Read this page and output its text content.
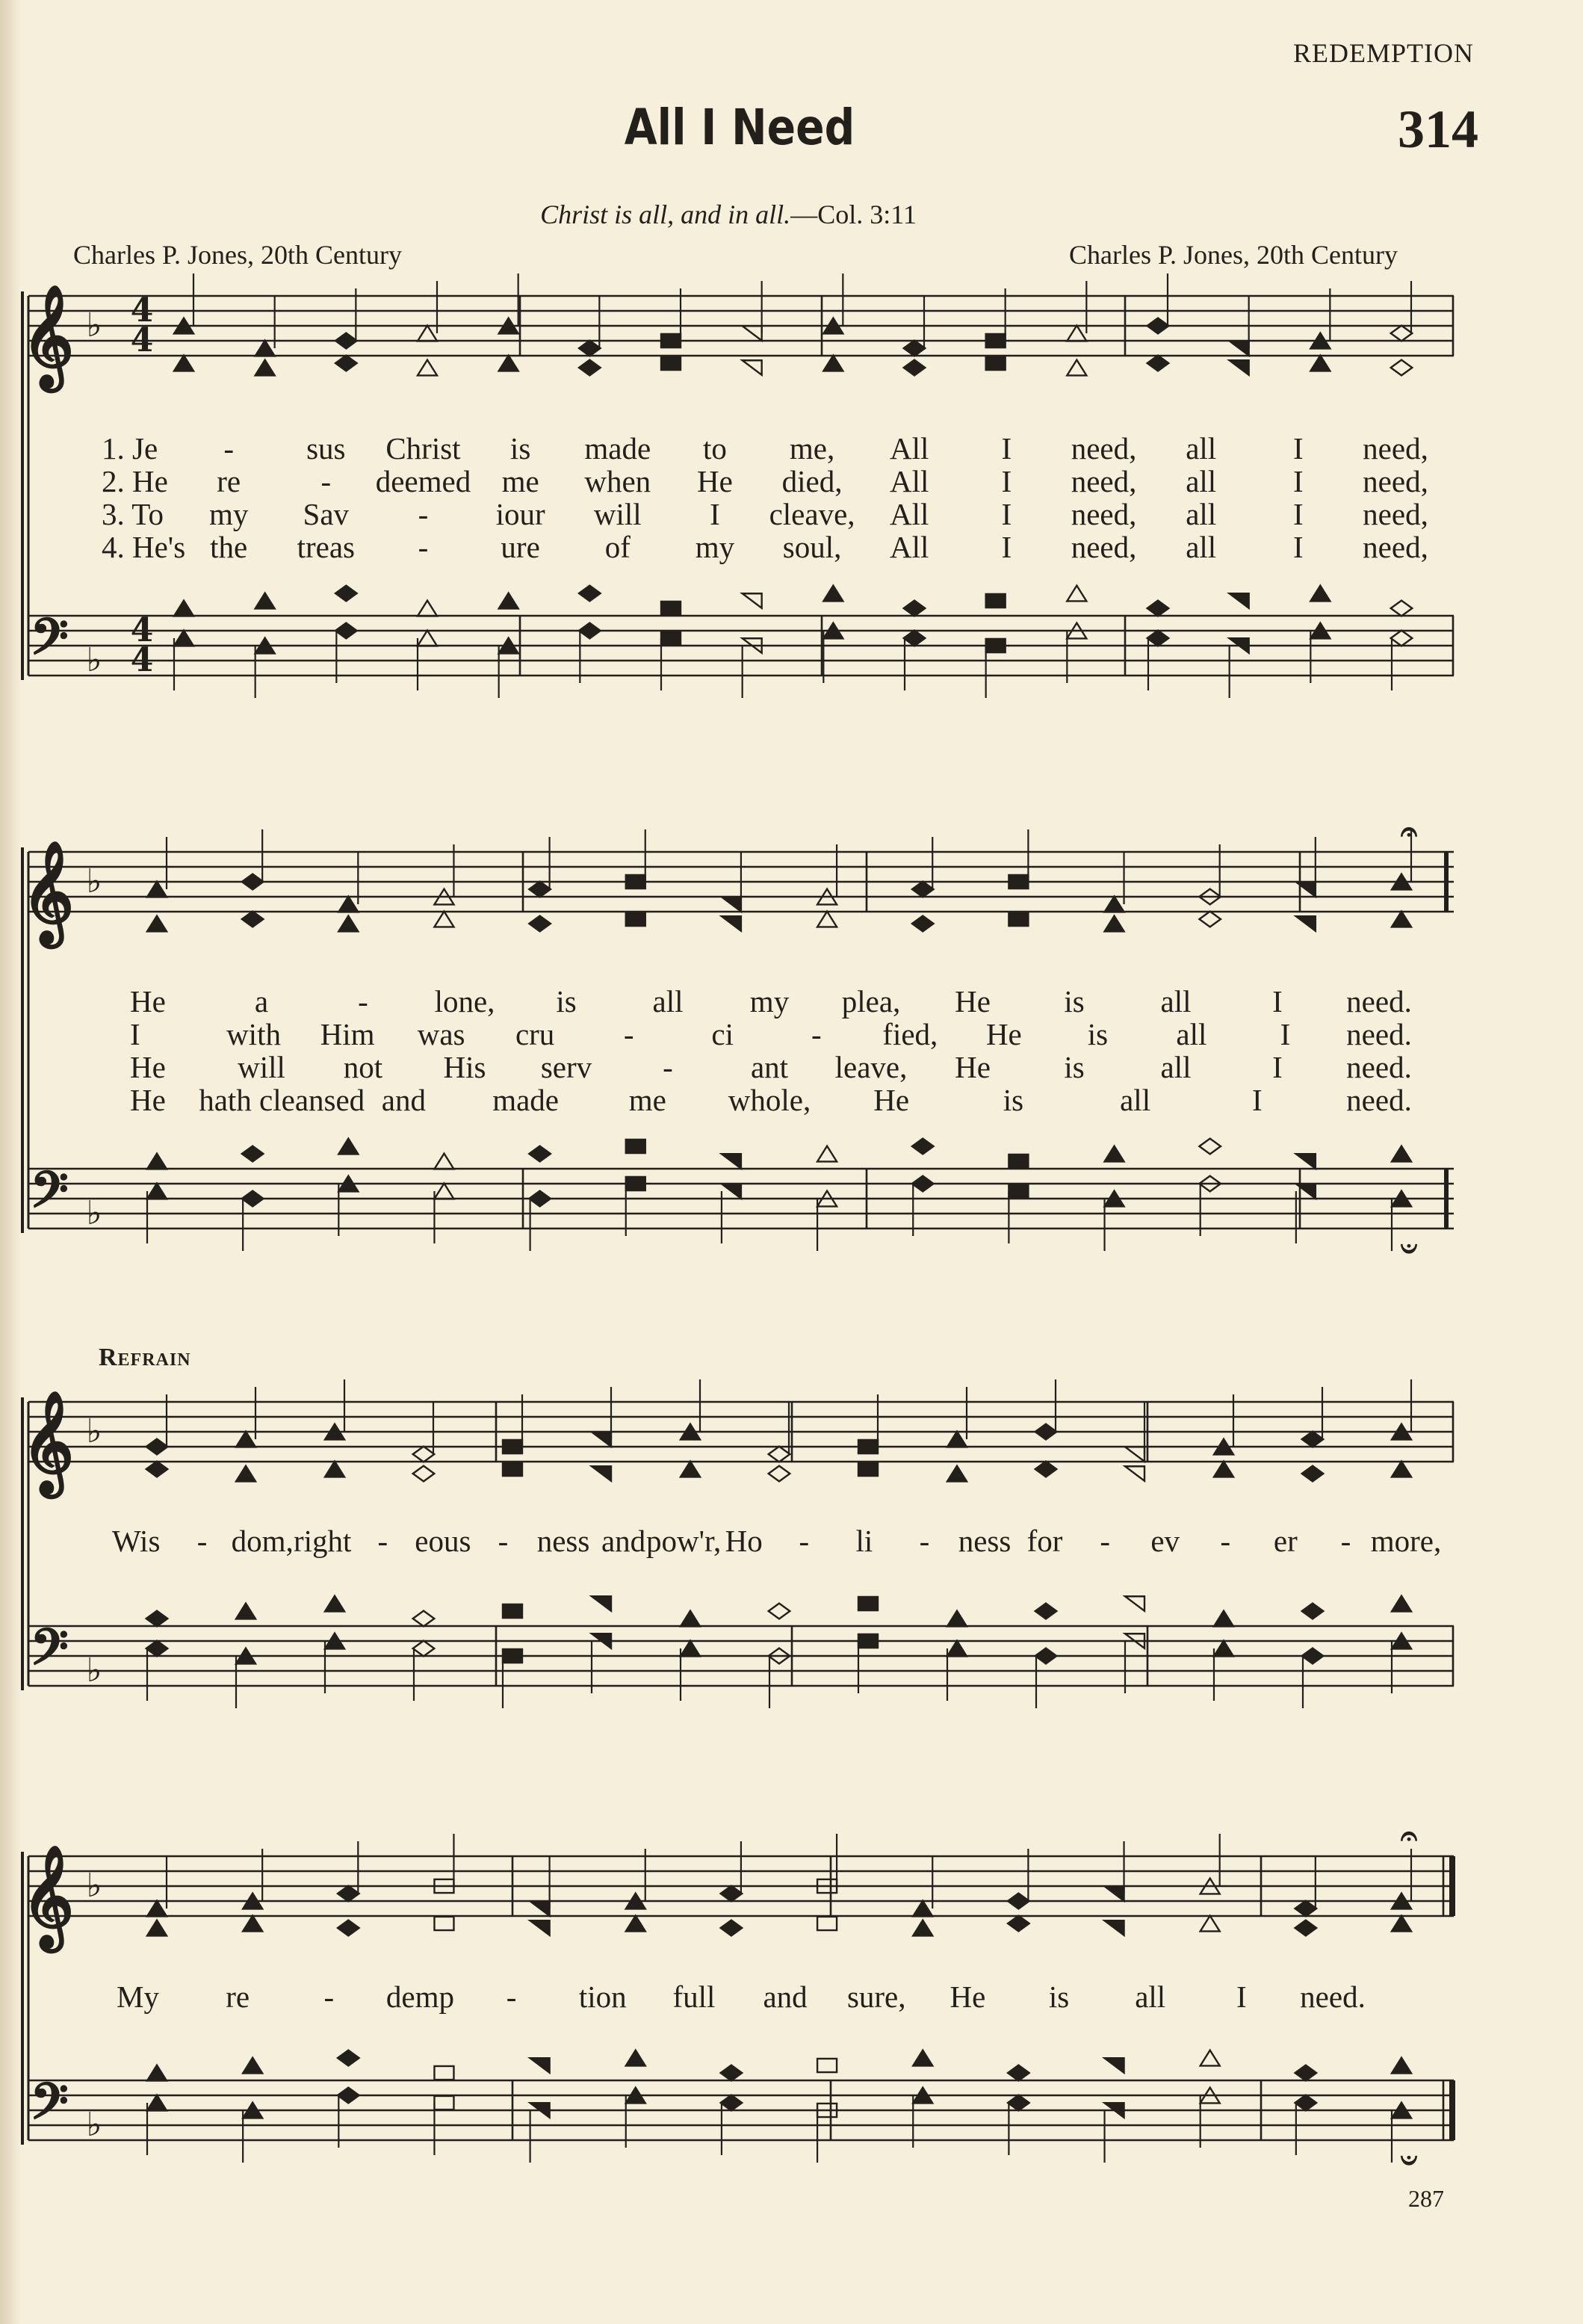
REDEMPTION
All I Need	314
Christ is all, and in all.—Col. 3:11
Charles P. Jones, 20th Century	Charles P. Jones, 20th Century
Refrain
287
𝄞 ♭
𝄢 ♭
4
4
4
4
𝄞 ♭
𝄢 ♭
𝄐
𝄑
𝄞 ♭
𝄢 ♭
𝄞 ♭
𝄢 ♭
𝄐
𝄑
1. Je - sus Christ is made to me, All I need, all	I need,
2. He re	- deemed me when He died, All I need, all	I need,
3. To my Sav - iour will I cleave, All I need, all	I need,
4. He's the treas - ure of my soul, All I need, all	I need,
He	a	- lone, is all my plea, He is all	I need.
I	with Him was cru -	ci	- fied, He is all I need.
He will not His serv -	ant leave, He is all	I need.
He hath cleansed and made me whole, He	is	all	I	need.
Wis - dom, right - eous - ness and pow'r, Ho - li - ness for - ev - er - more,
My re - demp - tion full and sure, He is all I need.
